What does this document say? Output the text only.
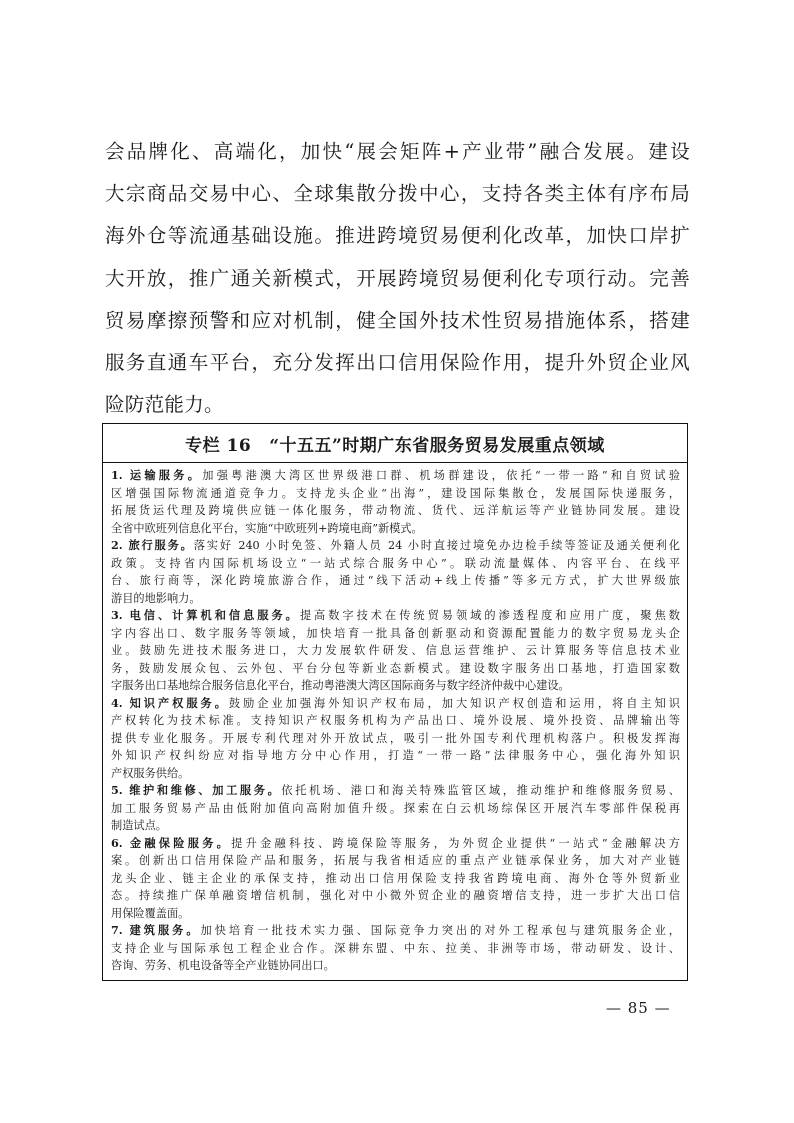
会品牌化、高端化，加快“展会矩阵+产业带”融合发展。建设
大宗商品交易中心、全球集散分拨中心，支持各类主体有序布局
海外仓等流通基础设施。推进跨境贸易便利化改革，加快口岸扩
大开放，推广通关新模式，开展跨境贸易便利化专项行动。完善
贸易摩擦预警和应对机制，健全国外技术性贸易措施体系，搭建
服务直通车平台，充分发挥出口信用保险作用，提升外贸企业风
险防范能力。
专栏 16 “十五五”时期广东省服务贸易发展重点领域
1. 运输服务。加强粤港澳大湾区世界级港口群、机场群建设，依托“一带一路”和自贸试验
区增强国际物流通道竞争力。支持龙头企业“出海”，建设国际集散仓，发展国际快递服务，
拓展货运代理及跨境供应链一体化服务，带动物流、货代、远洋航运等产业链协同发展。建设
全省中欧班列信息化平台，实施“中欧班列+跨境电商”新模式。
2. 旅行服务。落实好 240 小时免签、外籍人员 24 小时直接过境免办边检手续等签证及通关便利化
政策。支持省内国际机场设立“一站式综合服务中心”。联动流量媒体、内容平台、在线平
台、旅行商等，深化跨境旅游合作，通过“线下活动+线上传播”等多元方式，扩大世界级旅
游目的地影响力。
3. 电信、计算机和信息服务。提高数字技术在传统贸易领域的渗透程度和应用广度，聚焦数
字内容出口、数字服务等领域，加快培育一批具备创新驱动和资源配置能力的数字贸易龙头企
业。鼓励先进技术服务进口，大力发展软件研发、信息运营维护、云计算服务等信息技术业
务，鼓励发展众包、云外包、平台分包等新业态新模式。建设数字服务出口基地，打造国家数
字服务出口基地综合服务信息化平台，推动粤港澳大湾区国际商务与数字经济仲裁中心建设。
4. 知识产权服务。鼓励企业加强海外知识产权布局，加大知识产权创造和运用，将自主知识
产权转化为技术标准。支持知识产权服务机构为产品出口、境外设展、境外投资、品牌输出等
提供专业化服务。开展专利代理对外开放试点，吸引一批外国专利代理机构落户。积极发挥海
外知识产权纠纷应对指导地方分中心作用，打造“一带一路”法律服务中心，强化海外知识
产权服务供给。
5. 维护和维修、加工服务。依托机场、港口和海关特殊监管区域，推动维护和维修服务贸易、
加工服务贸易产品由低附加值向高附加值升级。探索在白云机场综保区开展汽车零部件保税再
制造试点。
6. 金融保险服务。提升金融科技、跨境保险等服务，为外贸企业提供“一站式”金融解决方
案。创新出口信用保险产品和服务，拓展与我省相适应的重点产业链承保业务，加大对产业链
龙头企业、链主企业的承保支持，推动出口信用保险支持我省跨境电商、海外仓等外贸新业
态。持续推广保单融资增信机制，强化对中小微外贸企业的融资增信支持，进一步扩大出口信
用保险覆盖面。
7. 建筑服务。加快培育一批技术实力强、国际竞争力突出的对外工程承包与建筑服务企业，
支持企业与国际承包工程企业合作。深耕东盟、中东、拉美、非洲等市场，带动研发、设计、
咨询、劳务、机电设备等全产业链协同出口。
— 85 —
